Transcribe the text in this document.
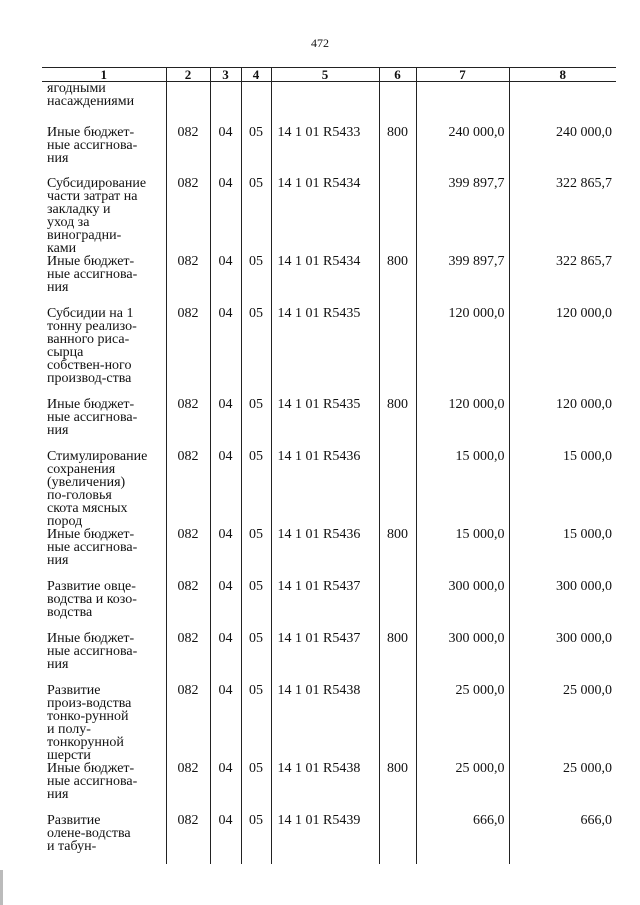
472
1	2	3	4	5	6	7	8

ягодными насаждениями							

Иные бюджет-ные ассигнова-ния	082	04	05	14 1 01 R5433	800	240 000,0	240 000,0

Субсидирование части затрат на закладку и уход за виноградни-ками	082	04	05	14 1 01 R5434		399 897,7	322 865,7

Иные бюджет-ные ассигнова-ния	082	04	05	14 1 01 R5434	800	399 897,7	322 865,7

Субсидии на 1 тонну реализо-ванного риса-сырца собствен-ного производ-ства	082	04	05	14 1 01 R5435		120 000,0	120 000,0

Иные бюджет-ные ассигнова-ния	082	04	05	14 1 01 R5435	800	120 000,0	120 000,0

Стимулирование сохранения (увеличения) по-головья скота мясных пород	082	04	05	14 1 01 R5436		15 000,0	15 000,0

Иные бюджет-ные ассигнова-ния	082	04	05	14 1 01 R5436	800	15 000,0	15 000,0

Развитие овце-водства и козо-водства	082	04	05	14 1 01 R5437		300 000,0	300 000,0

Иные бюджет-ные ассигнова-ния	082	04	05	14 1 01 R5437	800	300 000,0	300 000,0

Развитие произ-водства тонко-рунной и полу-тонкорунной шерсти	082	04	05	14 1 01 R5438		25 000,0	25 000,0

Иные бюджет-ные ассигнова-ния	082	04	05	14 1 01 R5438	800	25 000,0	25 000,0

Развитие олене-водства и табун-	082	04	05	14 1 01 R5439		666,0	666,0
